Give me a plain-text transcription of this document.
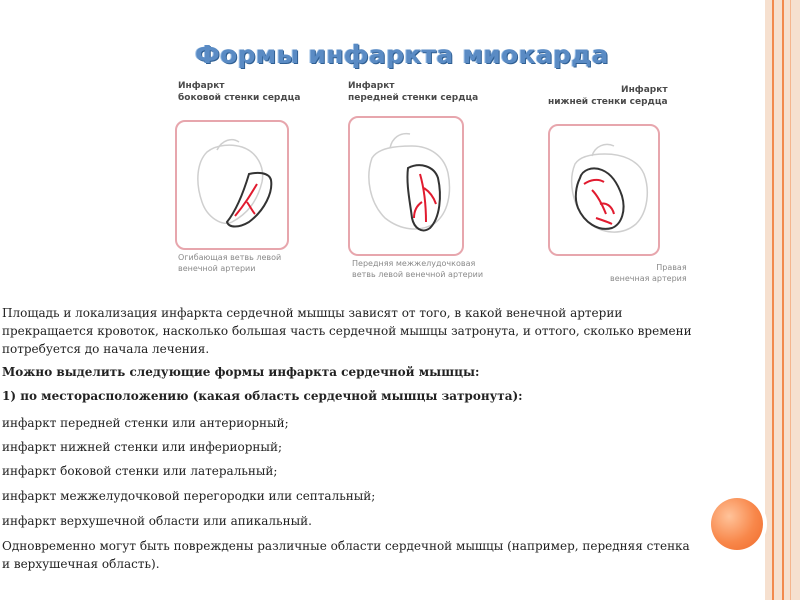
Формы инфаркта миокарда
Инфаркт
боковой стенки сердца
Огибающая ветвь левой
венечной артерии
Инфаркт
передней стенки сердца
Передняя межжелудочковая
ветвь левой венечной артерии
Инфаркт
нижней стенки сердца
Правая
венечная артерия
Площадь и локализация инфаркта сердечной мышцы зависят от того, в какой венечной артерии
прекращается кровоток, насколько большая часть сердечной мышцы затронута, и оттого, сколько времени
потребуется до начала лечения.
Можно выделить следующие формы инфаркта сердечной мышцы:
1) по месторасположению (какая область сердечной мышцы затронута):
инфаркт передней стенки или антериорный;
инфаркт нижней стенки или инфериорный;
инфаркт боковой стенки или латеральный;
инфаркт межжелудочковой перегородки или септальный;
инфаркт верхушечной области или апикальный.
Одновременно могут быть повреждены различные области сердечной мышцы (например, передняя стенка
и верхушечная область).
